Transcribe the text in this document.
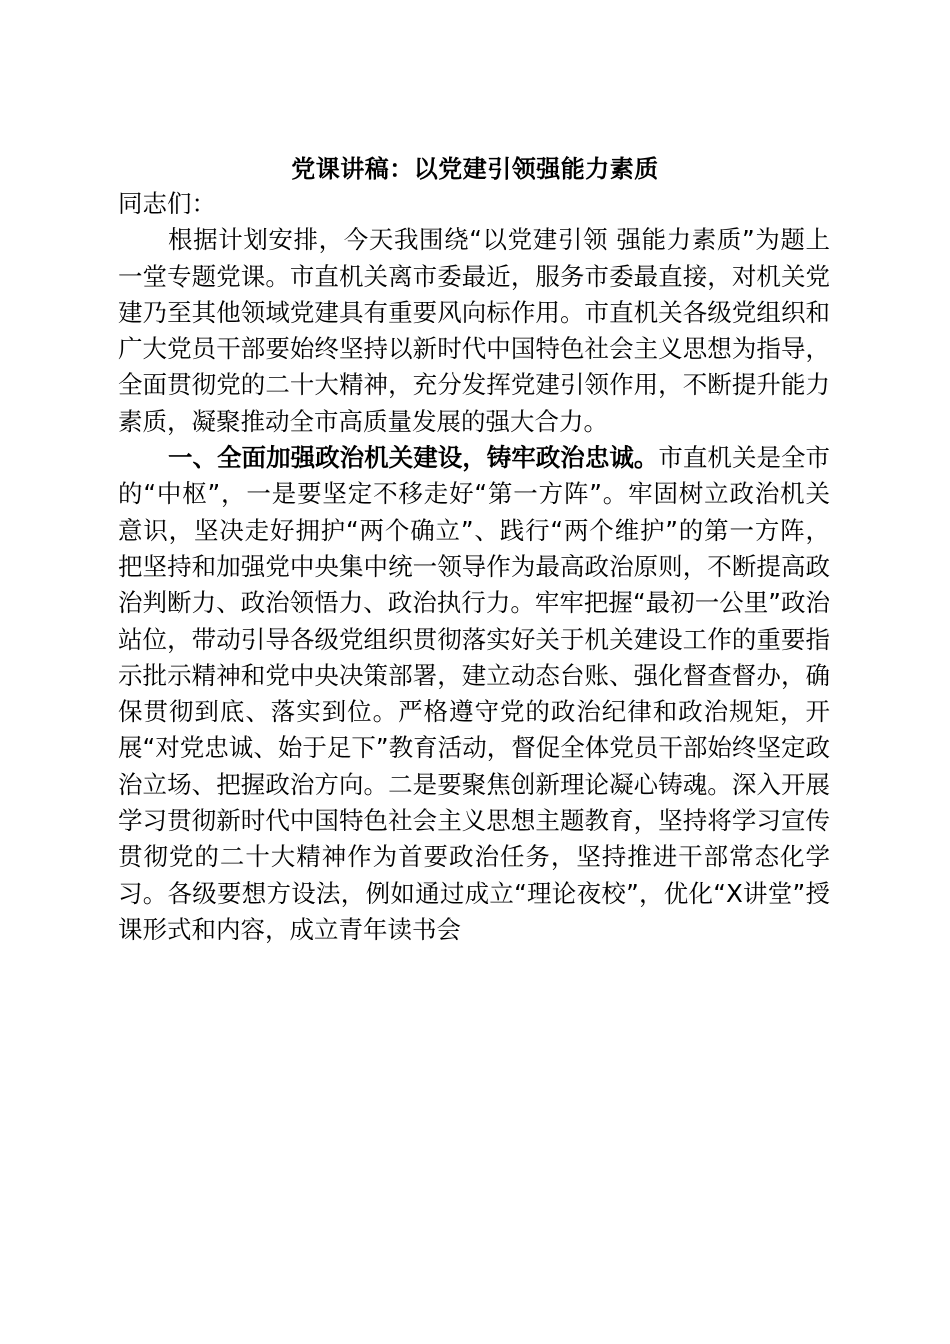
党课讲稿：以党建引领强能力素质

同志们：

根据计划安排，今天我围绕“以党建引领 强能力素质”为题上一堂专题党课。市直机关离市委最近，服务市委最直接，对机关党建乃至其他领域党建具有重要风向标作用。市直机关各级党组织和广大党员干部要始终坚持以新时代中国特色社会主义思想为指导，全面贯彻党的二十大精神，充分发挥党建引领作用，不断提升能力素质，凝聚推动全市高质量发展的强大合力。

一、全面加强政治机关建设，铸牢政治忠诚。市直机关是全市的“中枢”，一是要坚定不移走好“第一方阵”。牢固树立政治机关意识，坚决走好拥护“两个确立”、践行“两个维护”的第一方阵，把坚持和加强党中央集中统一领导作为最高政治原则，不断提高政治判断力、政治领悟力、政治执行力。牢牢把握“最初一公里”政治站位，带动引导各级党组织贯彻落实好关于机关建设工作的重要指示批示精神和党中央决策部署，建立动态台账、强化督查督办，确保贯彻到底、落实到位。严格遵守党的政治纪律和政治规矩，开展“对党忠诚、始于足下”教育活动，督促全体党员干部始终坚定政治立场、把握政治方向。二是要聚焦创新理论凝心铸魂。深入开展学习贯彻新时代中国特色社会主义思想主题教育，坚持将学习宣传贯彻党的二十大精神作为首要政治任务，坚持推进干部常态化学习。各级要想方设法，例如通过成立“理论夜校”，优化“X讲堂”授课形式和内容，成立青年读书会
